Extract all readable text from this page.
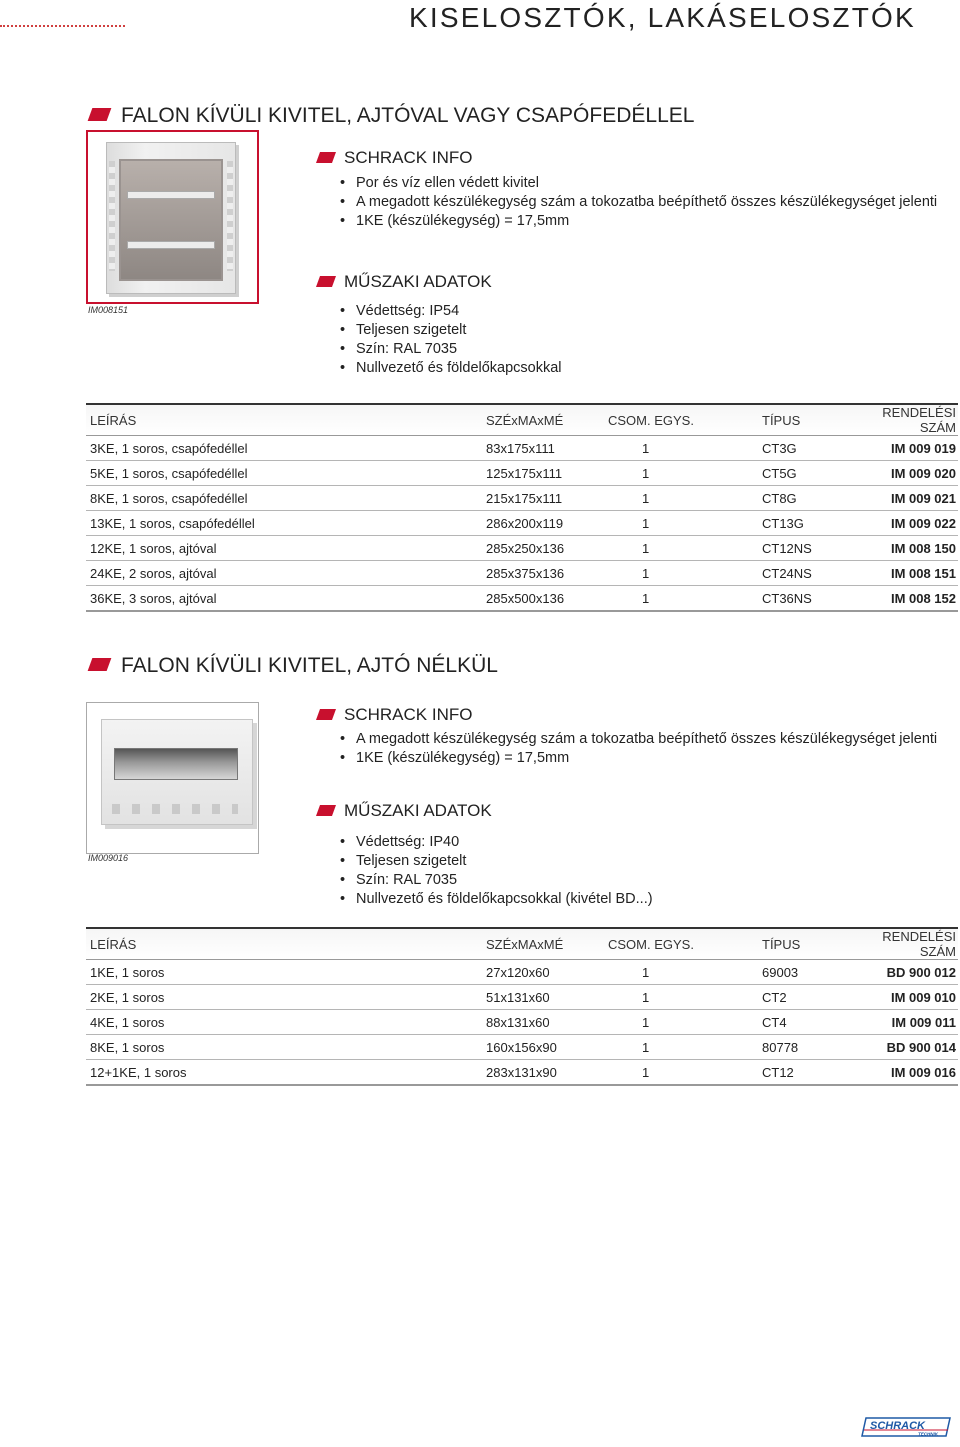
KISELOSZTÓK, LAKÁSELOSZTÓK
FALON KÍVÜLI KIVITEL, AJTÓVAL VAGY CSAPÓFEDÉLLEL
IM008151
SCHRACK INFO
• Por és víz ellen védett kivitel
• A megadott készülékegység szám a tokozatba beépíthető összes készülékegységet jelenti
• 1KE (készülékegység) = 17,5mm
MŰSZAKI ADATOK
• Védettség: IP54
• Teljesen szigetelt
• Szín: RAL 7035
• Nullvezető és földelőkapcsokkal
LEÍRÁS	SZÉxMAxMÉ	CSOM. EGYS.	TÍPUS	RENDELÉSI SZÁM
3KE, 1 soros, csapófedéllel	83x175x111	1	CT3G	IM 009 019
5KE, 1 soros, csapófedéllel	125x175x111	1	CT5G	IM 009 020
8KE, 1 soros, csapófedéllel	215x175x111	1	CT8G	IM 009 021
13KE, 1 soros, csapófedéllel	286x200x119	1	CT13G	IM 009 022
12KE, 1 soros, ajtóval	285x250x136	1	CT12NS	IM 008 150
24KE, 2 soros, ajtóval	285x375x136	1	CT24NS	IM 008 151
36KE, 3 soros, ajtóval	285x500x136	1	CT36NS	IM 008 152
FALON KÍVÜLI KIVITEL, AJTÓ NÉLKÜL
IM009016
SCHRACK INFO
• A megadott készülékegység szám a tokozatba beépíthető összes készülékegységet jelenti
• 1KE (készülékegység) = 17,5mm
MŰSZAKI ADATOK
• Védettség: IP40
• Teljesen szigetelt
• Szín: RAL 7035
• Nullvezető és földelőkapcsokkal (kivétel BD...)
LEÍRÁS	SZÉxMAxMÉ	CSOM. EGYS.	TÍPUS	RENDELÉSI SZÁM
1KE, 1 soros	27x120x60	1	69003	BD 900 012
2KE, 1 soros	51x131x60	1	CT2	IM 009 010
4KE, 1 soros	88x131x60	1	CT4	IM 009 011
8KE, 1 soros	160x156x90	1	80778	BD 900 014
12+1KE, 1 soros	283x131x90	1	CT12	IM 009 016
SCHRACK
TECHNIK
